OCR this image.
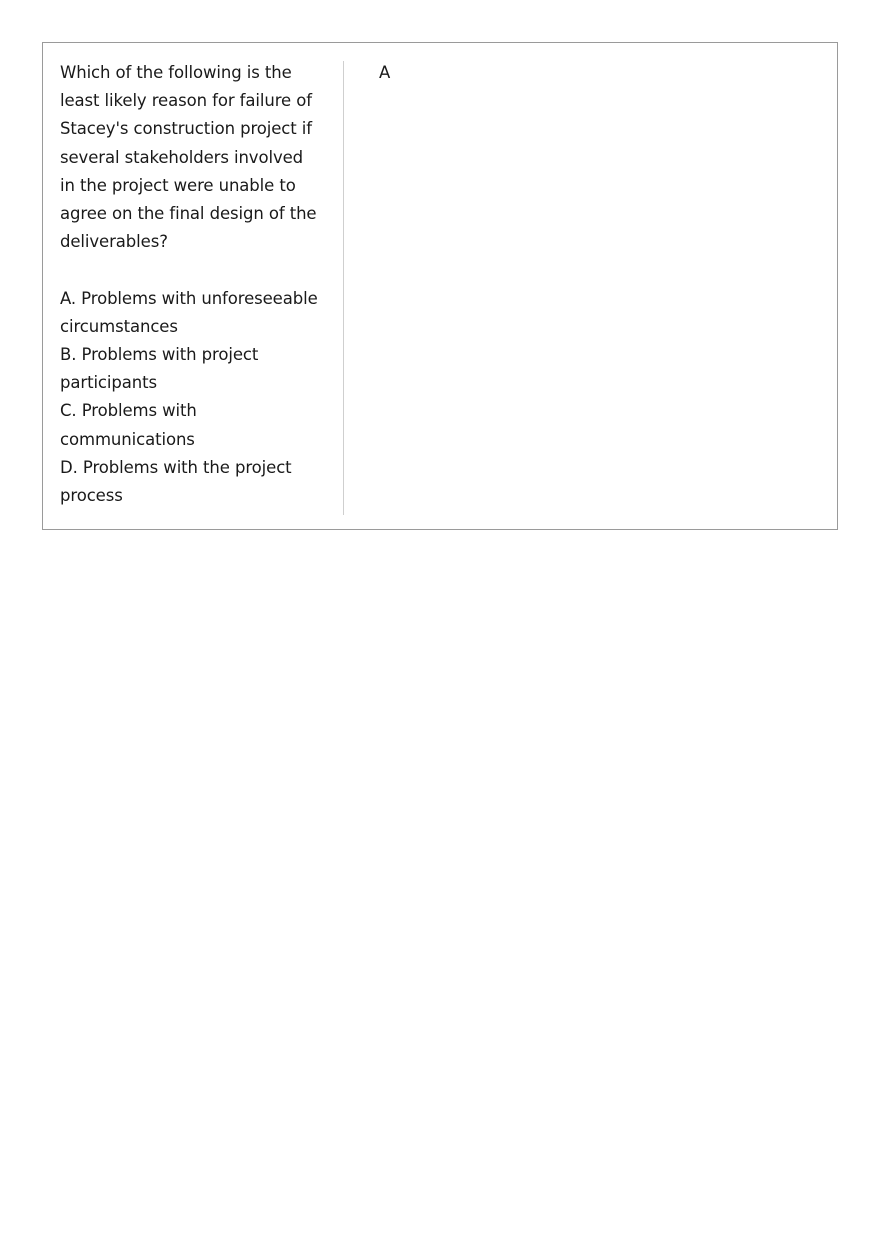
Which of the following is the least likely reason for failure of Stacey's construction project if several stakeholders involved in the project were unable to agree on the final design of the deliverables?

A. Problems with unforeseeable circumstances
B. Problems with project participants
C. Problems with communications
D. Problems with the project process
A
